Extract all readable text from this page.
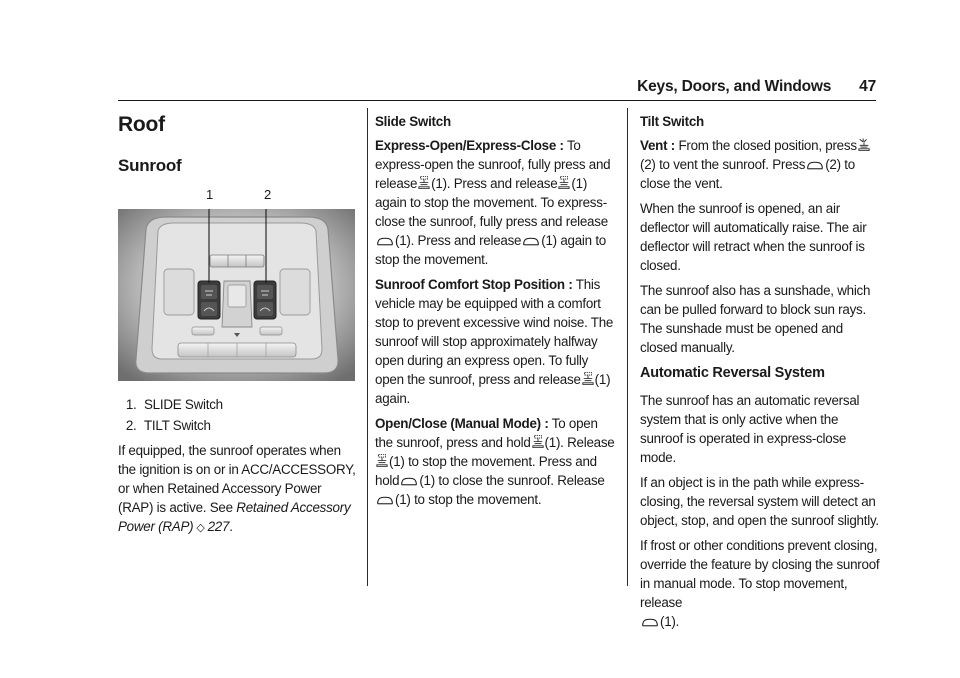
Keys, Doors, and Windows 47
Roof
Sunroof
1	2
1. SLIDE Switch
2. TILT Switch

If equipped, the sunroof operates when the ignition is on or in ACC/ACCESSORY, or when Retained Accessory Power (RAP) is active. See Retained Accessory Power (RAP) ◇ 227.

Slide Switch

Express-Open/Express-Close : To express-open the sunroof, fully press and release (1). Press and release (1) again to stop the movement. To express-close the sunroof, fully press and release(1). Press and release (1) again to stop the movement.

Sunroof Comfort Stop Position : This vehicle may be equipped with a comfort stop to prevent excessive wind noise. The sunroof will stop approximately halfway open during an express open. To fully open the sunroof, press and release (1) again.

Open/Close (Manual Mode) : To open the sunroof, press and hold (1). Release(1) to stop the movement. Press and hold (1) to close the sunroof. Release(1) to stop the movement.

Tilt Switch

Vent : From the closed position, press(2) to vent the sunroof. Press (2) to close the vent.

When the sunroof is opened, an air deflector will automatically raise. The air deflector will retract when the sunroof is closed.

The sunroof also has a sunshade, which can be pulled forward to block sun rays. The sunshade must be opened and closed manually.

Automatic Reversal System

The sunroof has an automatic reversal system that is only active when the sunroof is operated in express-close mode.

If an object is in the path while express-closing, the reversal system will detect an object, stop, and open the sunroof slightly.

If frost or other conditions prevent closing, override the feature by closing the sunroof in manual mode. To stop movement, release
(1).
